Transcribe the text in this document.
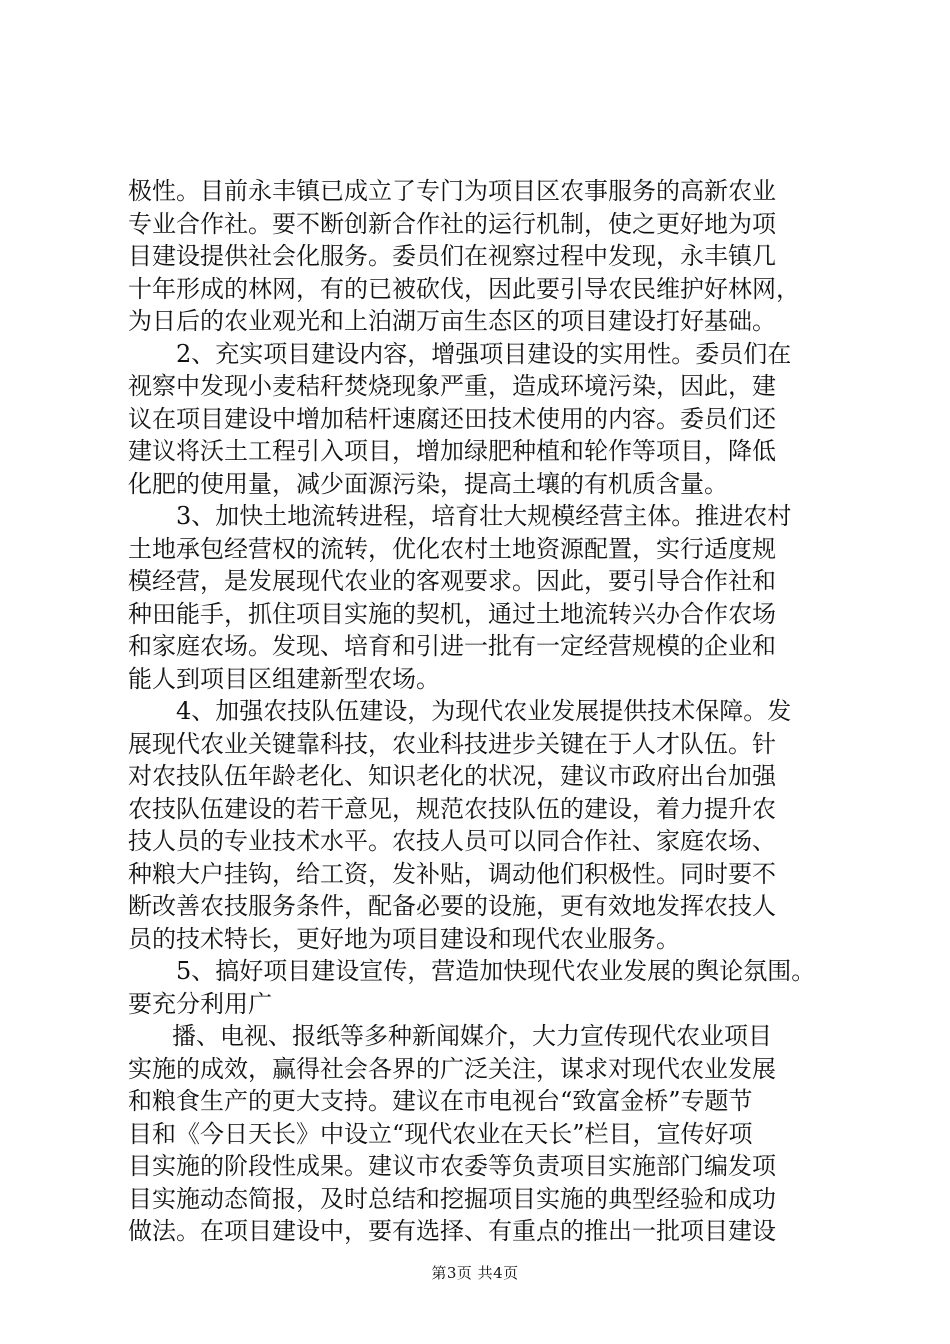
极性。目前永丰镇已成立了专门为项目区农事服务的高新农业
专业合作社。要不断创新合作社的运行机制，使之更好地为项
目建设提供社会化服务。委员们在视察过程中发现，永丰镇几
十年形成的林网，有的已被砍伐，因此要引导农民维护好林网，
为日后的农业观光和上泊湖万亩生态区的项目建设打好基础。
2、充实项目建设内容，增强项目建设的实用性。委员们在
视察中发现小麦秸秆焚烧现象严重，造成环境污染，因此，建
议在项目建设中增加秸杆速腐还田技术使用的内容。委员们还
建议将沃土工程引入项目，增加绿肥种植和轮作等项目，降低
化肥的使用量，减少面源污染，提高土壤的有机质含量。
3、加快土地流转进程，培育壮大规模经营主体。推进农村
土地承包经营权的流转，优化农村土地资源配置，实行适度规
模经营，是发展现代农业的客观要求。因此，要引导合作社和
种田能手，抓住项目实施的契机，通过土地流转兴办合作农场
和家庭农场。发现、培育和引进一批有一定经营规模的企业和
能人到项目区组建新型农场。
4、加强农技队伍建设，为现代农业发展提供技术保障。发
展现代农业关键靠科技，农业科技进步关键在于人才队伍。针
对农技队伍年龄老化、知识老化的状况，建议市政府出台加强
农技队伍建设的若干意见，规范农技队伍的建设，着力提升农
技人员的专业技术水平。农技人员可以同合作社、家庭农场、
种粮大户挂钩，给工资，发补贴，调动他们积极性。同时要不
断改善农技服务条件，配备必要的设施，更有效地发挥农技人
员的技术特长，更好地为项目建设和现代农业服务。
5、搞好项目建设宣传，营造加快现代农业发展的舆论氛围。
要充分利用广
播、电视、报纸等多种新闻媒介，大力宣传现代农业项目
实施的成效，赢得社会各界的广泛关注，谋求对现代农业发展
和粮食生产的更大支持。建议在市电视台“致富金桥”专题节
目和《今日天长》中设立“现代农业在天长”栏目，宣传好项
目实施的阶段性成果。建议市农委等负责项目实施部门编发项
目实施动态简报，及时总结和挖掘项目实施的典型经验和成功
做法。在项目建设中，要有选择、有重点的推出一批项目建设
第3页 共4页
